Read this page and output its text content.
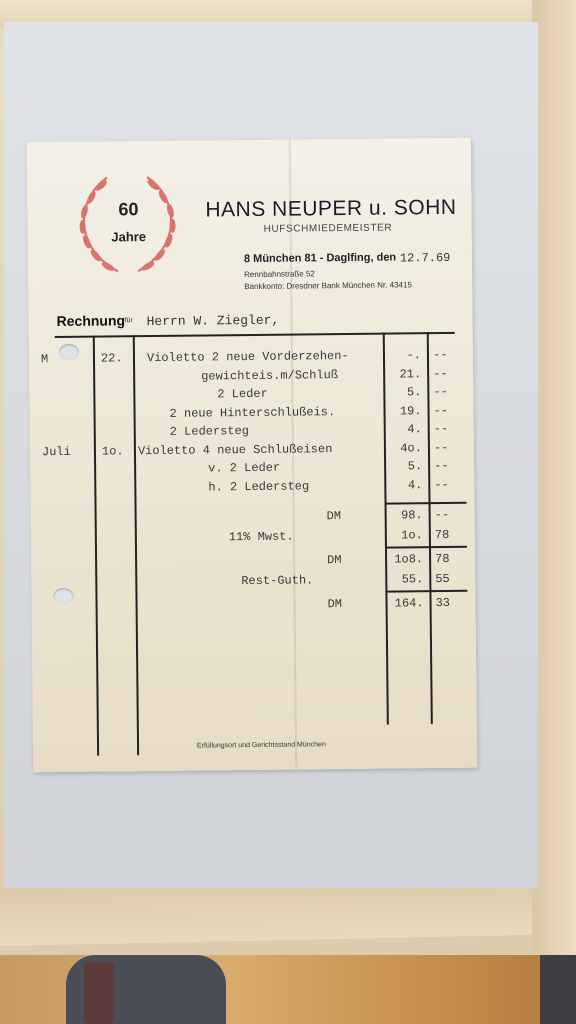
60
Jahre
HANS NEUPER u. SOHN
HUFSCHMIEDEMEISTER
8 München 81 - Daglfing, den 12.7.69
Rennbahnstraße 52
Bankkonto: Dresdner Bank München Nr. 43415
Rechnung für Herrn W. Ziegler,
M	22. Violetto 2 neue Vorderzehen-	-. --
gewichteis.m/Schluß	21. --
2 Leder	5. --
2 neue Hinterschlußeis.	19. --
2 Ledersteg	4. --
Juli	1o. Violetto 4 neue Schlußeisen	4o. --
v. 2 Leder	5. --
h. 2 Ledersteg	4. --
DM	98. --
11% Mwst.	1o. 78
DM	1o8. 78
Rest-Guth.	55. 55
DM	164. 33
Erfüllungsort und Gerichtsstand München
